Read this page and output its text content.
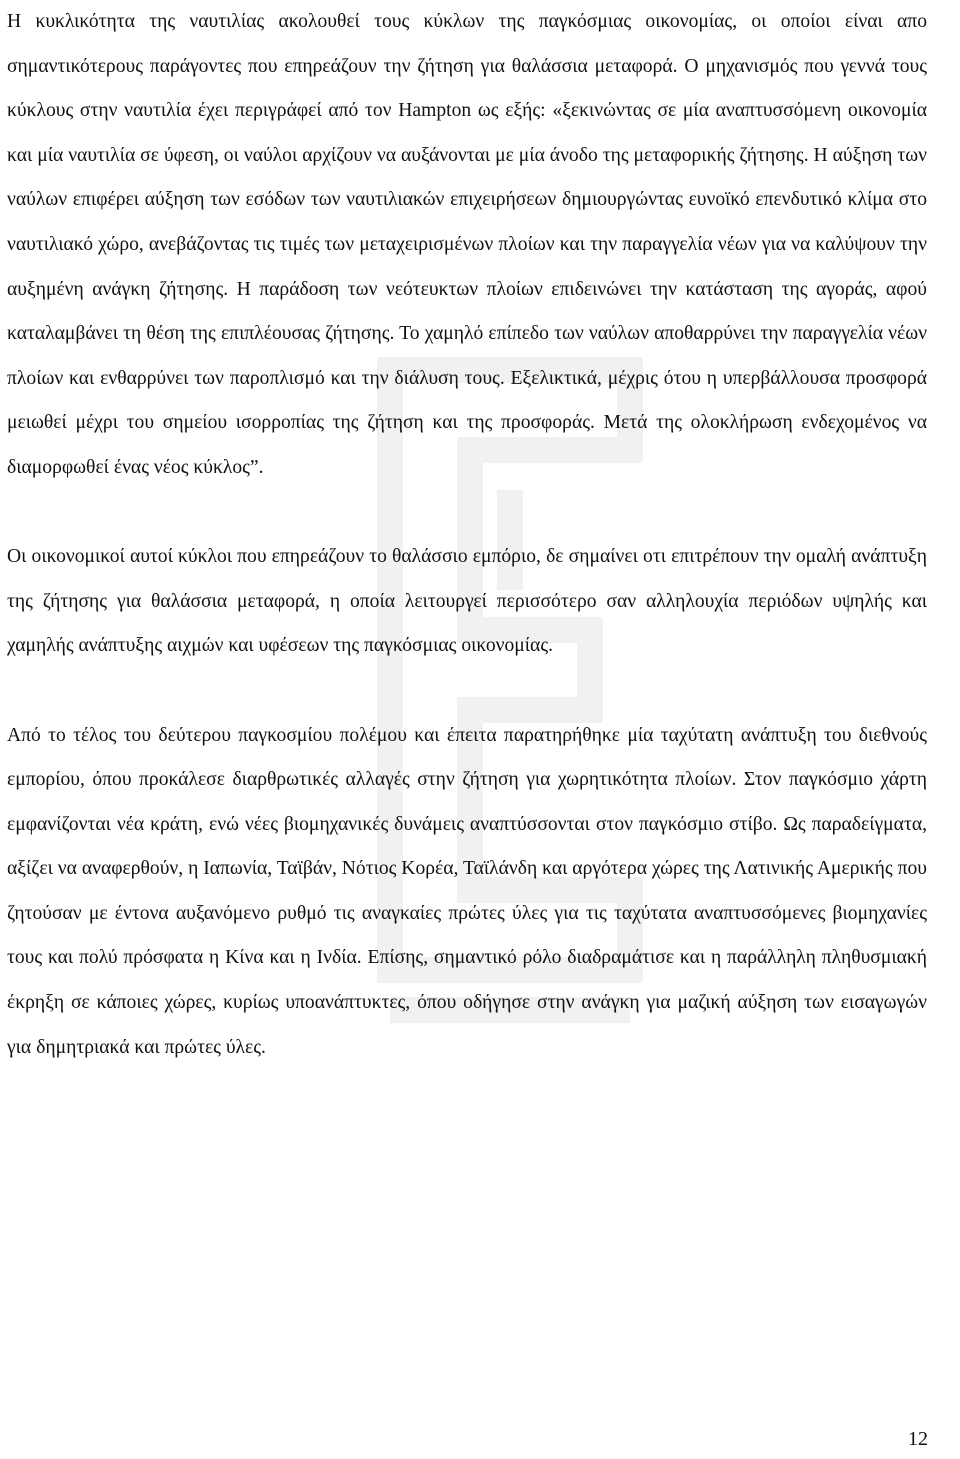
Η κυκλικότητα της ναυτιλίας ακολουθεί τους κύκλων της παγκόσμιας οικονομίας, οι οποίοι είναι απο σημαντικότερους παράγοντες που επηρεάζουν την ζήτηση για θαλάσσια μεταφορά. Ο μηχανισμός που γεννά τους κύκλους στην ναυτιλία έχει περιγράφεί από τον Hampton ως εξής: «ξεκινώντας σε μία αναπτυσσόμενη οικονομία και μία ναυτιλία σε ύφεση, οι ναύλοι αρχίζουν να αυξάνονται με μία άνοδο της μεταφορικής ζήτησης. Η αύξηση των ναύλων επιφέρει αύξηση των εσόδων των ναυτιλιακών επιχειρήσεων δημιουργώντας ευνοϊκό επενδυτικό κλίμα στο ναυτιλιακό χώρο, ανεβάζοντας τις τιμές των μεταχειρισμένων πλοίων και την παραγγελία νέων για να καλύψουν την αυξημένη ανάγκη ζήτησης. Η παράδοση των νεότευκτων πλοίων επιδεινώνει την κατάσταση της αγοράς, αφού καταλαμβάνει τη θέση της επιπλέουσας ζήτησης. Το χαμηλό επίπεδο των ναύλων αποθαρρύνει την παραγγελία νέων πλοίων και ενθαρρύνει των παροπλισμό και την διάλυση τους. Εξελικτικά, μέχρις ότου η υπερβάλλουσα προσφορά μειωθεί μέχρι του σημείου ισορροπίας της ζήτηση και της προσφοράς. Μετά της ολοκλήρωση ενδεχομένος να διαμορφωθεί ένας νέος κύκλος”.

Οι οικονομικοί αυτοί κύκλοι που επηρεάζουν το θαλάσσιο εμπόριο, δε σημαίνει οτι επιτρέπουν την ομαλή ανάπτυξη της ζήτησης για θαλάσσια μεταφορά, η οποία λειτουργεί περισσότερο σαν αλληλουχία περιόδων υψηλής και χαμηλής ανάπτυξης αιχμών και υφέσεων της παγκόσμιας οικονομίας.

Από το τέλος του δεύτερου παγκοσμίου πολέμου και έπειτα παρατηρήθηκε μία ταχύτατη ανάπτυξη του διεθνούς εμπορίου, όπου προκάλεσε διαρθρωτικές αλλαγές στην ζήτηση για χωρητικότητα πλοίων. Στον παγκόσμιο χάρτη εμφανίζονται νέα κράτη, ενώ νέες βιομηχανικές δυνάμεις αναπτύσσονται στον παγκόσμιο στίβο. Ως παραδείγματα, αξίζει να αναφερθούν, η Ιαπωνία, Ταϊβάν, Νότιος Κορέα, Ταϊλάνδη και αργότερα χώρες της Λατινικής Αμερικής που ζητούσαν με έντονα αυξανόμενο ρυθμό τις αναγκαίες πρώτες ύλες για τις ταχύτατα αναπτυσσόμενες βιομηχανίες τους και πολύ πρόσφατα η Κίνα και η Ινδία. Επίσης, σημαντικό ρόλο διαδραμάτισε και η παράλληλη πληθυσμιακή έκρηξη σε κάποιες χώρες, κυρίως υποανάπτυκτες, όπου οδήγησε στην ανάγκη για μαζική αύξηση των εισαγωγών για δημητριακά και πρώτες ύλες.

12
